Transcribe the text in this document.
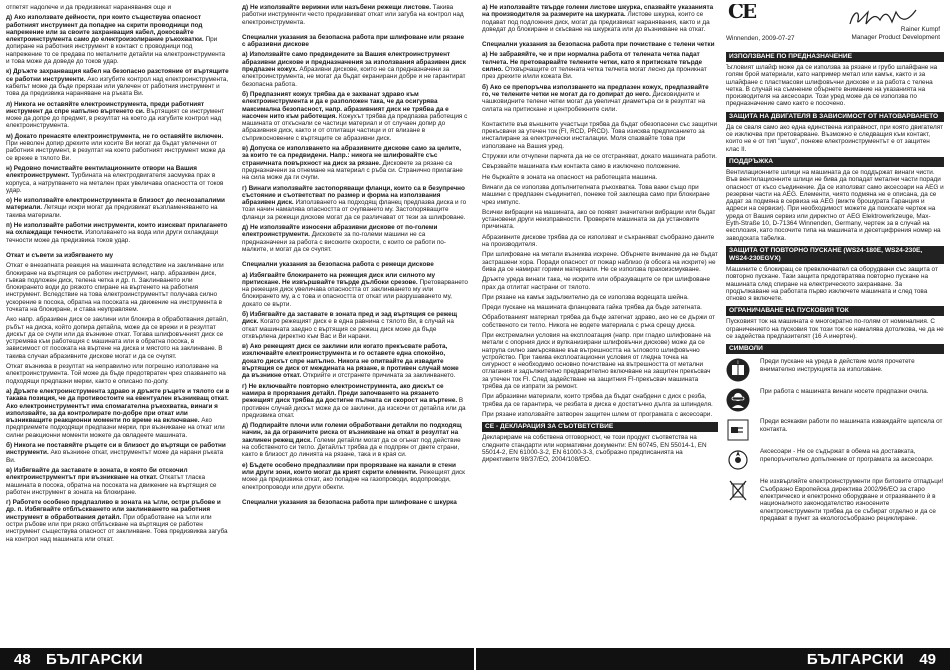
отпетят надолече и да предизвикат нараняванвя още и

д) Ако използвате дейности, при които съществува опасност работният инструмент да попадне на скрити проводници под напрежение или за своите захранващия кабел, докосвайте електроинструмента само до електроизолирание ръкохватки. При допиране на работния инструмент в контакт с проводници под напрежение то се предава по металните детайли на електроинструмента и това може да доведе до токов удар.

к) Дръжте захранващия кабел на безопасно разстояние от въртящите се работни инструменти. Ако изгубите контрол над електроинструмента, кабелът може да бъде прерязан или увлечен от работния инструмент и това да предизвика нараняване на ръката Ви.

л) Никога не оставяйте електроинструмента, преди работният инструмент да спре напълно въртенето си. Въртящият се инструмент може да допре до предмет, в резултат на което да изгубите контрол над електроинструмента.

м) Докато пренасяте електроинструмента, не го оставяйте включен. При неволен допир дрехите или косите Ви могат да бъдат увлечени от работния инструмент, в резултат на което работният инструмент може да се вреже в тялото Ви.

н) Редовно почиствайте вентилационните отвори на Вашия електроинструмент. Турбината на електродвигателя засмуква прах в корпуса, а натрупването на метален прах увеличава опасността от токов удар.

о) Не използвайте електроинструмента в близост до леснозапалими материали. Летящи искри могат да предизвикат възпламеняването на такива материали.

п) Не използвайте работни инструменти, които изискват прилагането на охлаждащи течности. Използването на вода или други охлаждащи течности може да предизвика токов удар.

Откат и съвети за избягването му

Откат е внезапната реакция на машината вследствие на заклинване или блокиране на въртящия се работен инструмент, напр. абразивен диск, гъвкав подложен диск, телена четка и др. п. Заклинването или блокирането води до рязкото спиране на въртенето на работния инструмент. Вследствие на това електроинструментът получава силно ускорение в посока, обратна на посоката на движение на инструмента в точката на блокиране, и става неуправляем.

Ако напр. абразивен диск се заклини или блокира в обработвания детайл, ръбът на диска, който допира детайла, може да се врежи и в резултат дискът да се счупи или да възникне откат. Тогава шлифовъчният диск се устремява към работещия с машината или в обратна посока, в зависимост от посоката на въртене на диска и мястото на заклинване. В такива случаи абразивните дискове могат и да се счупят.

Откат възниква в резултат на неправилно или погрешно използване на електроинструмента. Той може да бъде предотвратен чрез спазването на подходящи предпазни мерки, както е описано по-долу.

а) Дръжте електроинструмента здраво и дръжте ръцете и тялото си в такава позиция, че да противостоите на евентуален възникващ откат. Ако електроинструментът има спомагателна ръкохватка, винаги я използвайте, за да контролирате по-добре при откат или възникващите реакционни моменти по време на включване. Ако предприемете подходящи предпазни мерки, при възникване на откат или силни реакционни моменти можете да овладеете машината.

б) Никога не поставяйте ръцете си в близост до въртящи се работни инструменти. Ако възникне откат, инструментът може да нарани ръката Ви.

в) Избягвайте да заставате в зоната, в която би отскочил електроинструментът при възникване на откат. Откатът тласка машината в посока, обратна на посоката на движение на въртящия се работен инструмент в зоната на блокиране.

г) Работете особено предпазливо в зоната на ъгли, остри ръбове и др. п. Избягвайте отблъскването или заклинването на работния инструмент в обработвания детайл. При обработване на ъгли или остри ръбове или при рязко отблъскване на въртящия се работен инструмент съществува опасност от заклинване. Това предизвиква загуба на контрол над машината или откат.

д) Не използвайте верижни или назъбени режещи листове. Такива работни инструменти често предизвикват откат или загуба на контрол над електроинструмента.

Специални указания за безопасна работа при шлифоване или рязане с абразивни дискове

а) Използвайте само предвидените за Вашия електроинструмент абразивни дискове и предназначения за използвания абразивен диск предпазен кожух. Абразивни дискове, които не са предназначени за електроинструмента, не могат да бъдат екранирани добре и не гарантират безопасна работа.

б) Предпазният кожух трябва да е захванат здраво към електроинструмента и да е разположен така, че да осигурява максимална безопасност, напр. абразивният диск не трябва да е насочен нито към работещия. Кожухът трябва да предпазва работещия с машината от откъснали се частици материал и от случаен допир до абразивния диск, както и от отлитащи частици и от влизане в съприкосновение с въртящите се абразивни диск.

в) Допуска се използването на абразивните дискове само за целите, за които те са предвидени. Напр.: никога не шлифовайте със страничната повърхност на диск за рязане. Дисковете за рязане са предназначени за отнемане на материал с ръба си. Странично прилагане на сила може да ги счупи.

г) Винаги използвайте застопоряващи фланци, които са в безупречно състояние и съответстват по размер и форма на използвания абразивен диск. Използването на подходящ фланец предпазва диска и го този начин намалява опасността от счупването му. Застопоряващите фланци за режещи дискове могат да се различават от тези за шлифоване.

д) Не използвайте износени абразивни дискове от по-големи електроинструменти. Дисковете за по-големи машини не са предназначени за работа с високите скорости, с които се работи по-малките, и могат да се счупят.

Специални указания за безопасна работа с режещи дискове

а) Избягвайте блокирането на режещия диск или силното му притискане. Не извършвайте твърде дълбоки срезове. Претоварването на режещия диск увеличава опасността от заклинването му или блокирането му, а с това и опасността от откат или разрушаването му, докато се върти.

б) Избягвайте да заставате в зоната пред и зад въртящия се режещ диск. Когато режещият диск е в една равнина с тялото Ви, в случай на откат машината заедно с въртящия се режещ диск може да бъде отхвърлена директно към Вас и Ви нарани.

в) Ако режещият диск се заклини или когато прекъсвате работа, изключвайте електроинструмента и го оставете една спокойно, докато дискът спре напълно. Никога не опитвайте да извадите въртящия се диск от междината на рязане, в противен случай може да възникне откат. Открийте и отстранете причината за заклинването.

г) Не включвайте повторно електроинструмента, ако дискът се намира в прорязания детайл. Преди започването на рязането режещият диск трябва да достигне пълната си скорост на въртене. В противен случай дискът може да се заклини, да изскочи от детайла или да предизвика откат.

д) Подпирайте плочи или големи обработвани детайли по подходящ начин, за да ограничите риска от възникване на откат в резултат на заклинен режещ диск. Големи детайли могат да се огънат под действие на собственото си тегло. Детайлът трябва да е подпрян от двете страни, както в близост до линията на рязане, така и в края си.

е) Бъдете особено предпазливи при прорязване на канали в стени или други зони, които могат да крият скрити елементи. Режещият диск може да предизвика откат, ако попадне на газопроводи, водопроводи, електропроводи или други обекти.

Специални указания за безопасна работа при шлифоване с шкурка

48 БЪЛГАРСКИ

а) Не използвайте твърде големи листове шкурка, спазвайте указанията на производителя за размерите на шкурката. Листове шкурка, които се подават под подложния диск, могат да предизвикат наранявания, както и да доведат до блокиране и скъсване на шкурката или до възникване на откат.

Специални указания за безопасна работа при почистване с телени четки

а) Не забравяйте, че и при нормална работа от телената четка падат телчета. Не претоварвайте телените четки, като я притискате твърде силно. Отхвърчащите от телената четка телчета могат лесно да проникнат през дрехите и/или кожата Ви.

б) Ако се препоръчва използването на предпазен кожух, предпазвайте го, че телените четки не могат да го допират до него. Дисковидните и чашковидните телени четки могат да увеличат диаметъра си в резултат на силата на притискане и центробежните сили.

Контактите във външните участъци трябва да бъдат обезопасени със защитни прекъсвачи за утечен ток (FI, RCD, PRCD). Това изисква предписанието за инсталиране за електрически инсталации. Моля спазвайте това при използване на Вашия уред.

Стружки или отчупени парчета да не се отстраняват, докато машината работи.

Свързвайте машината към контакта само в изключено положение.

Не бъркайте в зоната на опасност на работещата машина.

Винаги да се използва допълнителната ръкохватка. Това важи също при машини с предпазен съединител, понеже той заклещва само при блокиране чрез импулс.

Всички вибрации на машината, ако се появят значителни вибрации или бъдат установени други неизправности. Проверете машината за да установите причината.

Абразивните дискове трябва да се използват и съхраняват съобразно даните на производителя.

При шлифоване на метали възниква искрене. Обърнете внимание да не бъдат застрашени хора. Поради опасност от пожар наблизо (в обсега на искрите) не бива да се намират горими материали. Не се използва прахоизсмукване.

Дръжте уреда винаги така, че искрите или образуващите се при шлифоване прах да отлитат настрани от тялото.

При рязане на камък задължително да се използва водещата шейна.

Преди пускане на машината фланцовата гайка трябва да бъде затегната.

Обработваният материал трябва да бъде затегнат здраво, ако не се държи от собственото си тегло. Никога не водете материала с ръка срещу диска.

При екстремални условия на експлоатация (напр. при гладко шлифоване на метали с опорния диск и вулканизирани шлифовъчни дискове) може да се натрупа силно замърсяване във вътрешността на ъгловото шлифовъчно устройство. При такива експлоатационни условия от гледна точка на сигурност е необходимо основно почистване на вътрешността от метални отлагания и задължително предварително включване на защитен прекъсвач за утечен ток FI. След задействане на защитния FI-прекъсвач машината трябва да се изпрати за ремонт.

При абразивни материали, които трябва да бъдат снабдени с диск с резба, трябва да се гарантира, че резбата в диска е достатъчно дълга за шпинделя.

При рязане използвайте затворен защитен шлем от програмата с аксесоари.

CE - ДЕКЛАРАЦИЯ ЗА СЪОТВЕТСТВИЕ

Декларираме на собствена отговорност, че този продукт съответства на следните стандарти или нормативни документи: EN 60745, EN 55014-1, EN 55014-2, EN 61000-3-2, EN 61000-3-3, съобразно предписанията на директивите 98/37/EO, 2004/108/EO.

CE
Winnenden, 2009-07-27
Rainer Kumpf
Manager Product Development
ИЗПОЛЗВАНЕ ПО ПРЕДНАЗНАЧЕНИЕ

Ъгловият шлайф може да се използва за рязане и грубо шлайфане на голям брой материали, като например метал или камък, както и за шлайфане с пластмасови шлифовъчни дискове и за работа с телена четка. В случай на съмнение обърнете внимание на указанията на производителя на аксесоари. Този уред може да се използва по предназначение само както е посочено.

ЗАЩИТА НА ДВИГАТЕЛЯ В ЗАВИСИМОСТ ОТ НАТОВАРВАНЕТО

Да се сваля само ако една единствена изправност, при която двигателят се изключва при претоварване. Възможно е следващия към контакт, които не е от тип "шуко", понеже електроинструментът е от защитен клас II.

ПОДДРЪЖКА

Вентилационните шлици на машината да се поддържат винаги чисти. Във вентилационните шлици не бива да попадат метални части поради опасност от късо съединение. Да се използват само аксесоари на AEG и резервни части на AEG. Елементи, чиято подмяна не е описана, да се дадат за подмяна в сервиза на AEG (вижте брошурата Гаранция и адреси на сервизи). При необходимост можете да поискате чертеж на уреда от Вашия сервиз или директно от AEG Elektrowerkzeuge, Max-Eyth-Straße 10, D-71364 Winnenden, Germany, чертеж за в случай на експлозия, като посочите типа на машината и десетцифрения номер на заводската табелка.

ЗАЩИТА ОТ ПОВТОРНО ПУСКАНЕ (WS24-180E, WS24-230E, WS24-230EGVX)

Машините с блокиращ се превключвател са оборудвани със защита от повторно пускане. Тази защита предотвратява повторно пускане на машината след спиране на електрическото захранване. За продължаване на работата първо изключете машината и след това отново я включете.

ОГРАНИЧАВАНЕ НА ПУСКОВИЯ ТОК

Пусковият ток на машината е многократно по-голям от номиналния. С ограничението на пусковия ток този ток се намалява дотолкова, че да не се задейства предпазителят (16 A инертен).

СИМВОЛИ
i	Преди пускане на уреда в действие моля прочетете внимателно инструкцията за използване.
При работа с машината винаги носете предпазни очила.
Преди всякакви работи по машината изваждайте щепсела от контакта.
Аксесоари - Не се съдържат в обема на доставката, препоръчително допълнение от програмата за аксесоари.
Не изхвърляйте електроинструменти при битовите отпадъци! Съобразно Европейска директива 2002/96/ЕО за старо електрическо и електронно оборудване и отразяването ѝ в националното законодателство износените електроинструменти трябва да се събират отделно и да се предават в пункт за екологосъобразно рециклиране.
БЪЛГАРСКИ 49
